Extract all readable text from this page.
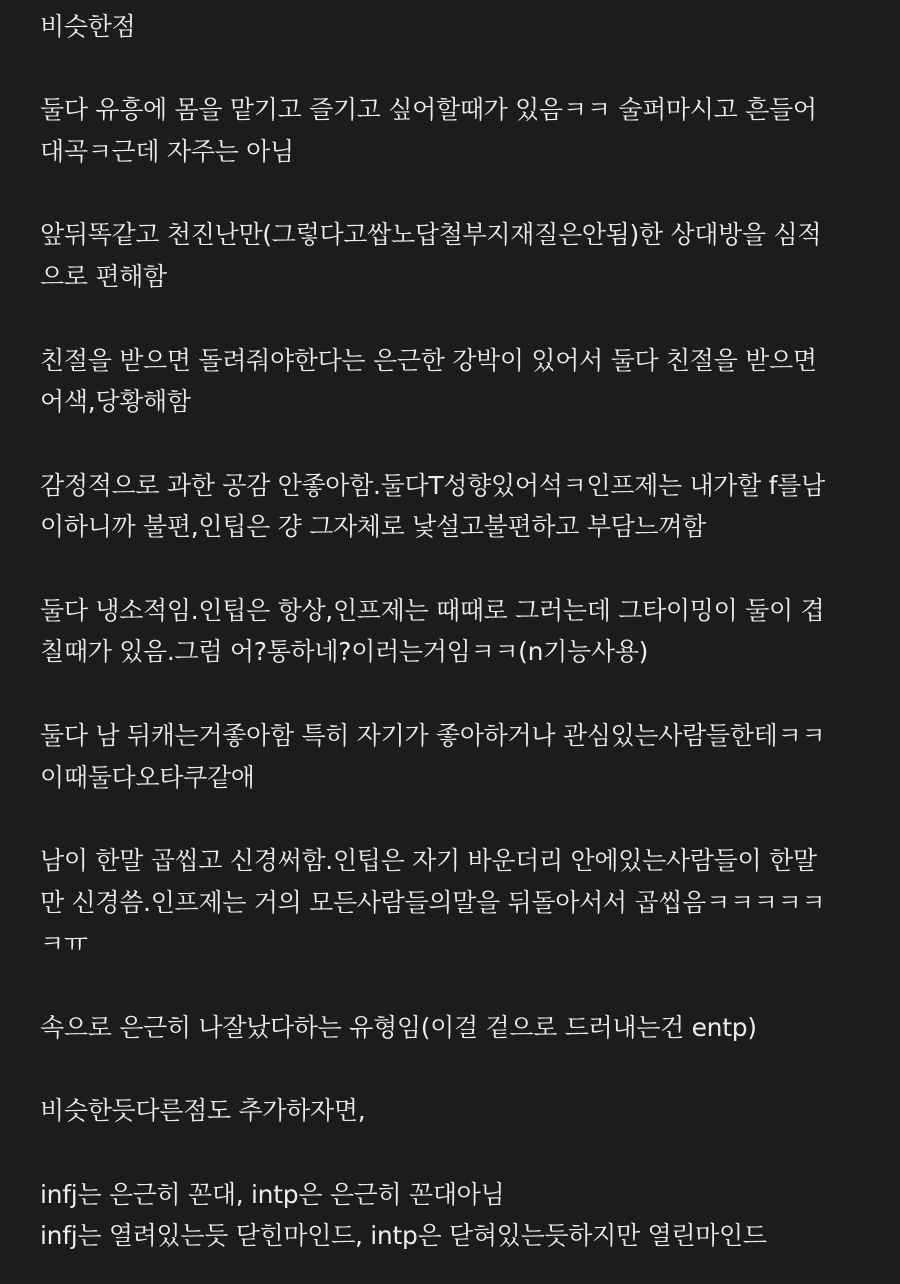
비슷한점
둘다 유흥에 몸을 맡기고 즐기고 싶어할때가 있음ㅋㅋ 술퍼마시고 흔들어
대곡ㅋ근데 자주는 아님
앞뒤똑같고 천진난만(그렇다고쌉노답철부지재질은안됨)한 상대방을 심적
으로 편해함
친절을 받으면 돌려줘야한다는 은근한 강박이 있어서 둘다 친절을 받으면
어색,당황해함
감정적으로 과한 공감 안좋아함.둘다T성향있어석ㅋ인프제는 내가할 f를남
이하니까 불편,인팁은 걍 그자체로 낯설고불편하고 부담느껴함
둘다 냉소적임.인팁은 항상,인프제는 때때로 그러는데 그타이밍이 둘이 겹
칠때가 있음.그럼 어?통하네?이러는거임ㅋㅋ(n기능사용)
둘다 남 뒤캐는거좋아함 특히 자기가 좋아하거나 관심있는사람들한테ㅋㅋ
이때둘다오타쿠같애
남이 한말 곱씹고 신경써함.인팁은 자기 바운더리 안에있는사람들이 한말
만 신경씀.인프제는 거의 모든사람들의말을 뒤돌아서서 곱씹음ㅋㅋㅋㅋㅋ
ㅋㅠ
속으로 은근히 나잘났다하는 유형임(이걸 겉으로 드러내는건 entp)
비슷한듯다른점도 추가하자면,
infj는 은근히 꼰대, intp은 은근히 꼰대아님
infj는 열려있는듯 닫힌마인드, intp은 닫혀있는듯하지만 열린마인드
